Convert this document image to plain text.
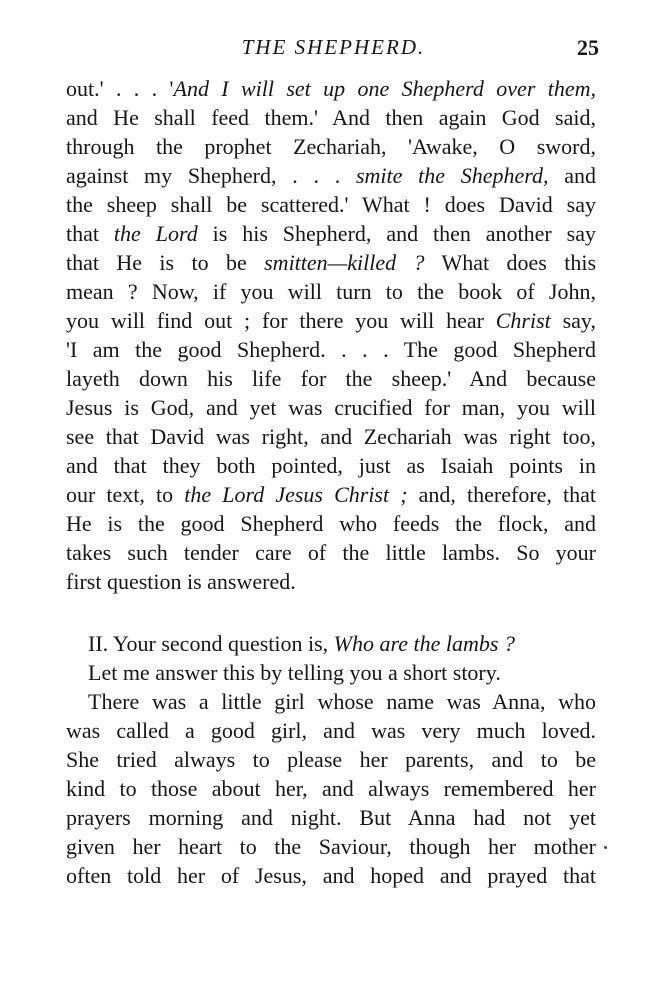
THE SHEPHERD.	25
out.' . . . 'And I will set up one Shepherd over them,
and He shall feed them.' And then again God said,
through the prophet Zechariah, 'Awake, O sword,
against my Shepherd, . . . smite the Shepherd, and
the sheep shall be scattered.' What ! does David say
that the Lord is his Shepherd, and then another say
that He is to be smitten—killed ? What does this
mean ? Now, if you will turn to the book of John,
you will find out ; for there you will hear Christ say,
'I am the good Shepherd. . . . The good Shepherd
layeth down his life for the sheep.' And because
Jesus is God, and yet was crucified for man, you will
see that David was right, and Zechariah was right too,
and that they both pointed, just as Isaiah points in
our text, to the Lord Jesus Christ ; and, therefore, that
He is the good Shepherd who feeds the flock, and
takes such tender care of the little lambs. So your
first question is answered.
II. Your second question is, Who are the lambs ?
Let me answer this by telling you a short story.
There was a little girl whose name was Anna, who
was called a good girl, and was very much loved.
She tried always to please her parents, and to be
kind to those about her, and always remembered her
prayers morning and night. But Anna had not yet
given her heart to the Saviour, though her mother
often told her of Jesus, and hoped and prayed that
